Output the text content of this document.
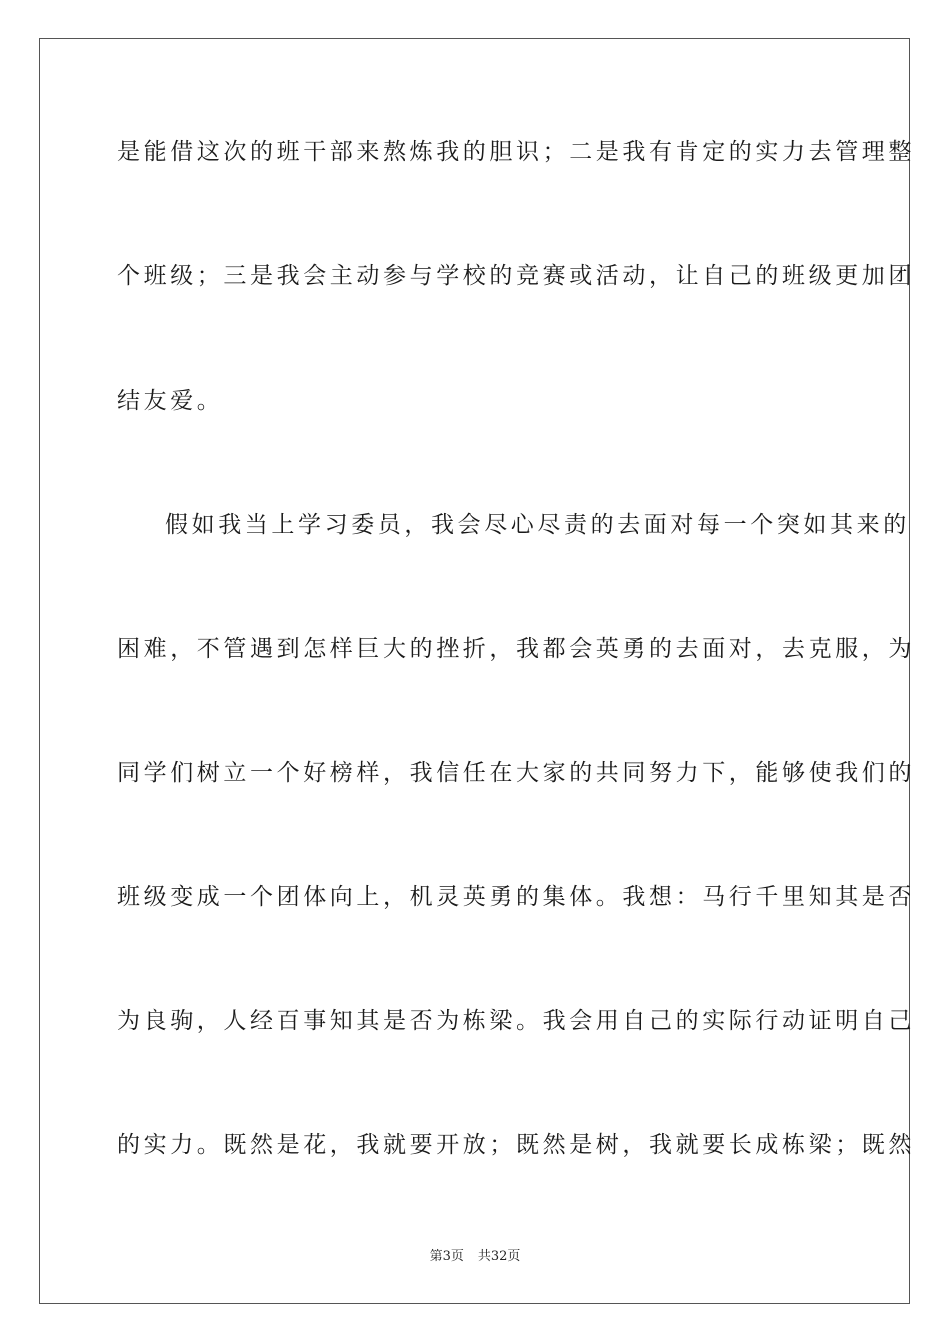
是能借这次的班干部来熬炼我的胆识；二是我有肯定的实力去管理整
个班级；三是我会主动参与学校的竞赛或活动，让自己的班级更加团
结友爱。
假如我当上学习委员，我会尽心尽责的去面对每一个突如其来的
困难，不管遇到怎样巨大的挫折，我都会英勇的去面对，去克服，为
同学们树立一个好榜样，我信任在大家的共同努力下，能够使我们的
班级变成一个团体向上，机灵英勇的集体。我想：马行千里知其是否
为良驹，人经百事知其是否为栋梁。我会用自己的实际行动证明自己
的实力。既然是花，我就要开放；既然是树，我就要长成栋梁；既然
第3页 共32页
